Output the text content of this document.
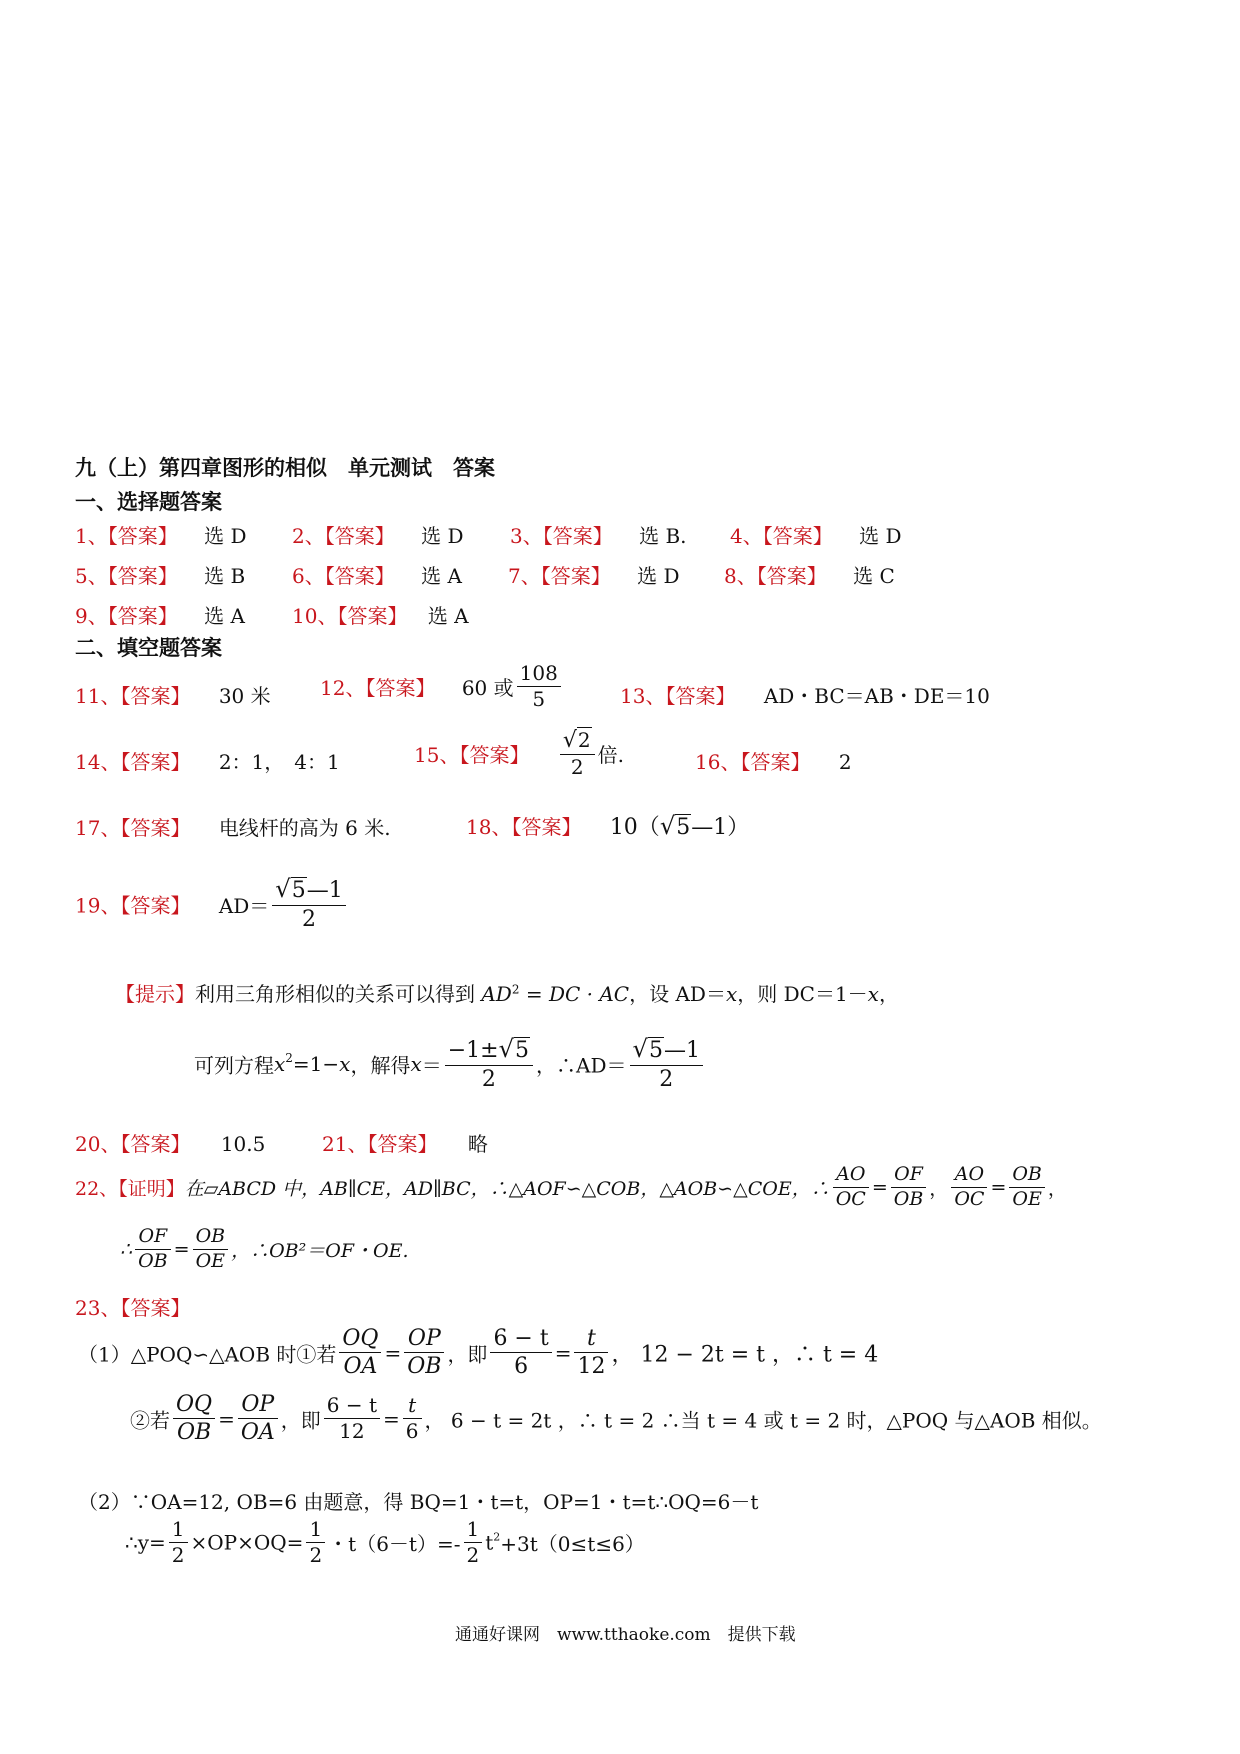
九（上）第四章图形的相似　单元测试　答案
一、选择题答案
1、【答案】 选 D 2、【答案】 选 D 3、【答案】 选 B. 4、【答案】 选 D
5、【答案】 选 B 6、【答案】 选 A 7、【答案】 选 D 8、【答案】 选 C
9、【答案】 选 A 10、【答案】 选 A
二、填空题答案
11、【答案】 30 米 12、【答案】 60 或 $\frac{108}{5}$	13、【答案】 AD・BC＝AB・DE＝10
14、【答案】 2：1，　4：1	15、【答案】 $\frac{√2}{2}$ 倍.	16、【答案】 2
17、【答案】 电线杆的高为 6 米.	18、【答案】 10（√5—1）
19、【答案】 $AD= \frac{√5—1}{2}$
【提示】利用三角形相似的关系可以得到 $AD^2$ = DC · AC，设 AD＝x，则 DC＝1－x，
可列方程$x^2=1-x$，解得$x= \frac{-1\pm√5}{2}$ ，∴AD＝ $\frac{√5—1}{2}$
20、【答案】 10.5	21、【答案】 略
22、【证明】在▱ABCD 中，AB∥CE，AD∥BC，∴△AOF∽△COB，△AOB∽△COE，∴ $\frac{AO}{OC} = \frac{OF}{OB}$ ， $\frac{AO}{OC} = \frac{OB}{OE}$ ，
∴ $\frac{OF}{OB} = \frac{OB}{OE}$ ，∴OB²＝OF・OE.
23、【答案】
（1）△POQ∽△AOB 时①若 $\frac{OQ}{OA} = \frac{OP}{OB}$ ，即 $\frac{6 - t}{6} = \frac{t}{12}$ ， 12 − 2t = t ，∴ t = 4
②若 $\frac{OQ}{OB} = \frac{OP}{OA}$ ，即 $\frac{6 - t}{12} = \frac{t}{6}$ ， 6 − t = 2t ，∴ t = 2 ∴当 t = 4 或 t = 2 时，△POQ 与△AOB 相似。
（2）∵OA=12, OB=6 由题意，得 BQ=1・t=t，OP=1・t=t∴OQ=6－t
∴y= $\frac{1}{2} \times OP\times OQ= \frac{1}{2}$ ・$t(6-t)=- \frac{1}{2} t^2+3t(0\le t\le 6)$
通通好课网　www.tthaoke.com　提供下载
